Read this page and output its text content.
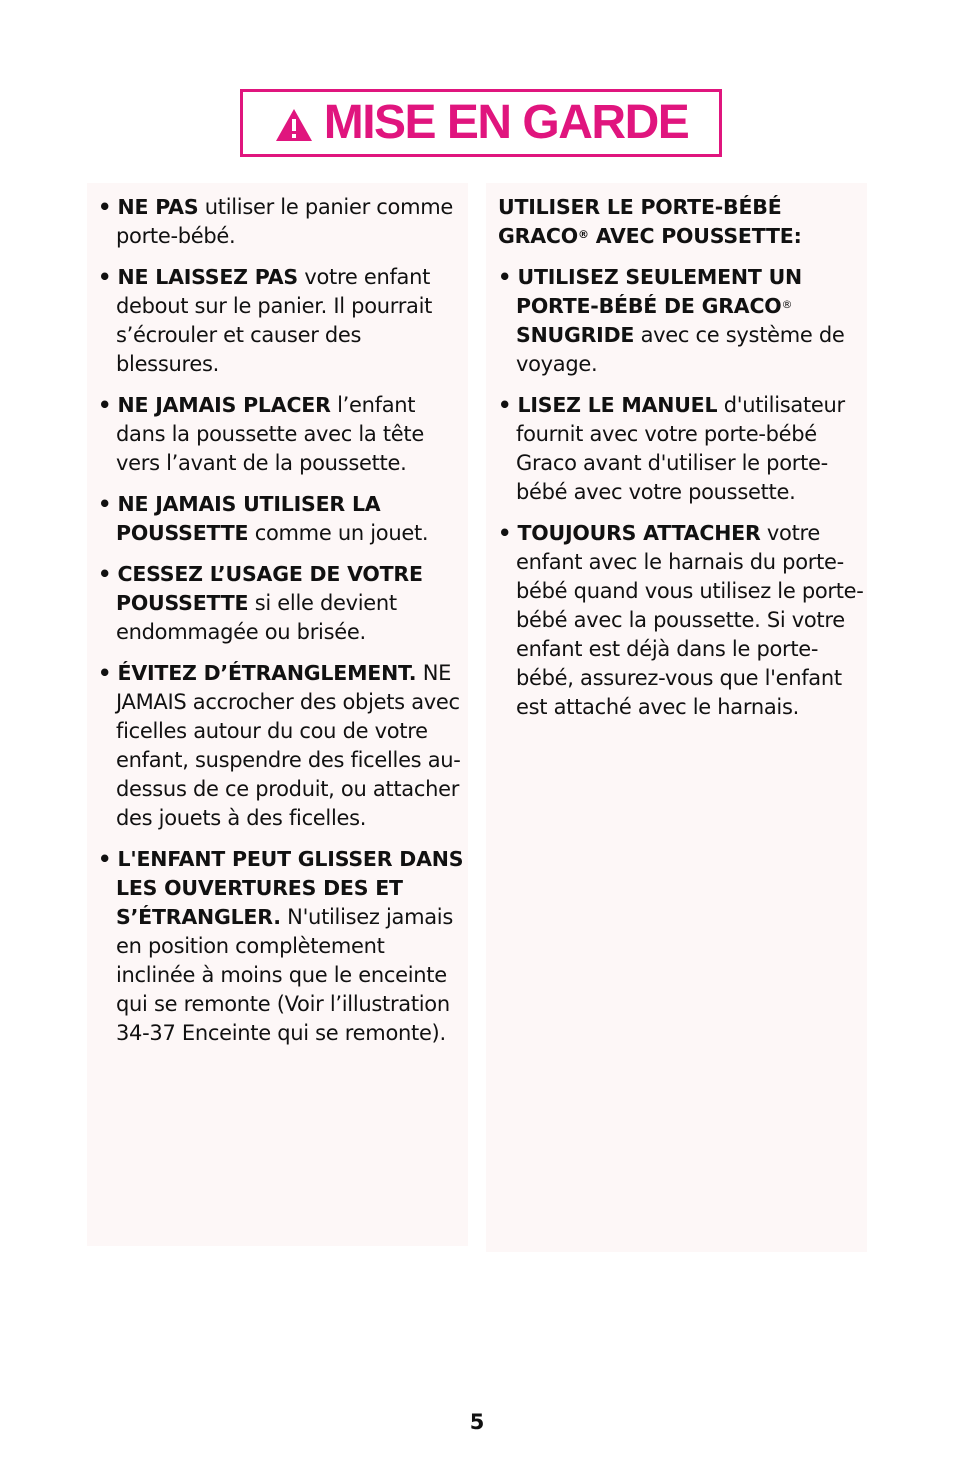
MISE EN GARDE

• NE PAS utiliser le panier comme porte-bébé.

• NE LAISSEZ PAS votre enfant debout sur le panier. Il pourrait s’écrouler et causer des blessures.

• NE JAMAIS PLACER l’enfant dans la poussette avec la tête vers l’avant de la poussette.

• NE JAMAIS UTILISER LA POUSSETTE comme un jouet.

• CESSEZ L’USAGE DE VOTRE POUSSETTE si elle devient endommagée ou brisée.

• ÉVITEZ D’ÉTRANGLEMENT. NE JAMAIS accrocher des objets avec ficelles autour du cou de votre enfant, suspendre des ficelles au-dessus de ce produit, ou attacher des jouets à des ficelles.

• L'ENFANT PEUT GLISSER DANS LES OUVERTURES DES ET S’ÉTRANGLER. N'utilisez jamais en position complètement inclinée à moins que le enceinte qui se remonte (Voir l’illustration 34-37 Enceinte qui se remonte).

UTILISER LE PORTE-BÉBÉ GRACO® AVEC POUSSETTE:

• UTILISEZ SEULEMENT UN PORTE-BÉBÉ DE GRACO® SNUGRIDE avec ce système de voyage.

• LISEZ LE MANUEL d'utilisateur fournit avec votre porte-bébé Graco avant d'utiliser le porte-bébé avec votre poussette.

• TOUJOURS ATTACHER votre enfant avec le harnais du porte-bébé quand vous utilisez le porte-bébé avec la poussette. Si votre enfant est déjà dans le porte-bébé, assurez-vous que l'enfant est attaché avec le harnais.

5
